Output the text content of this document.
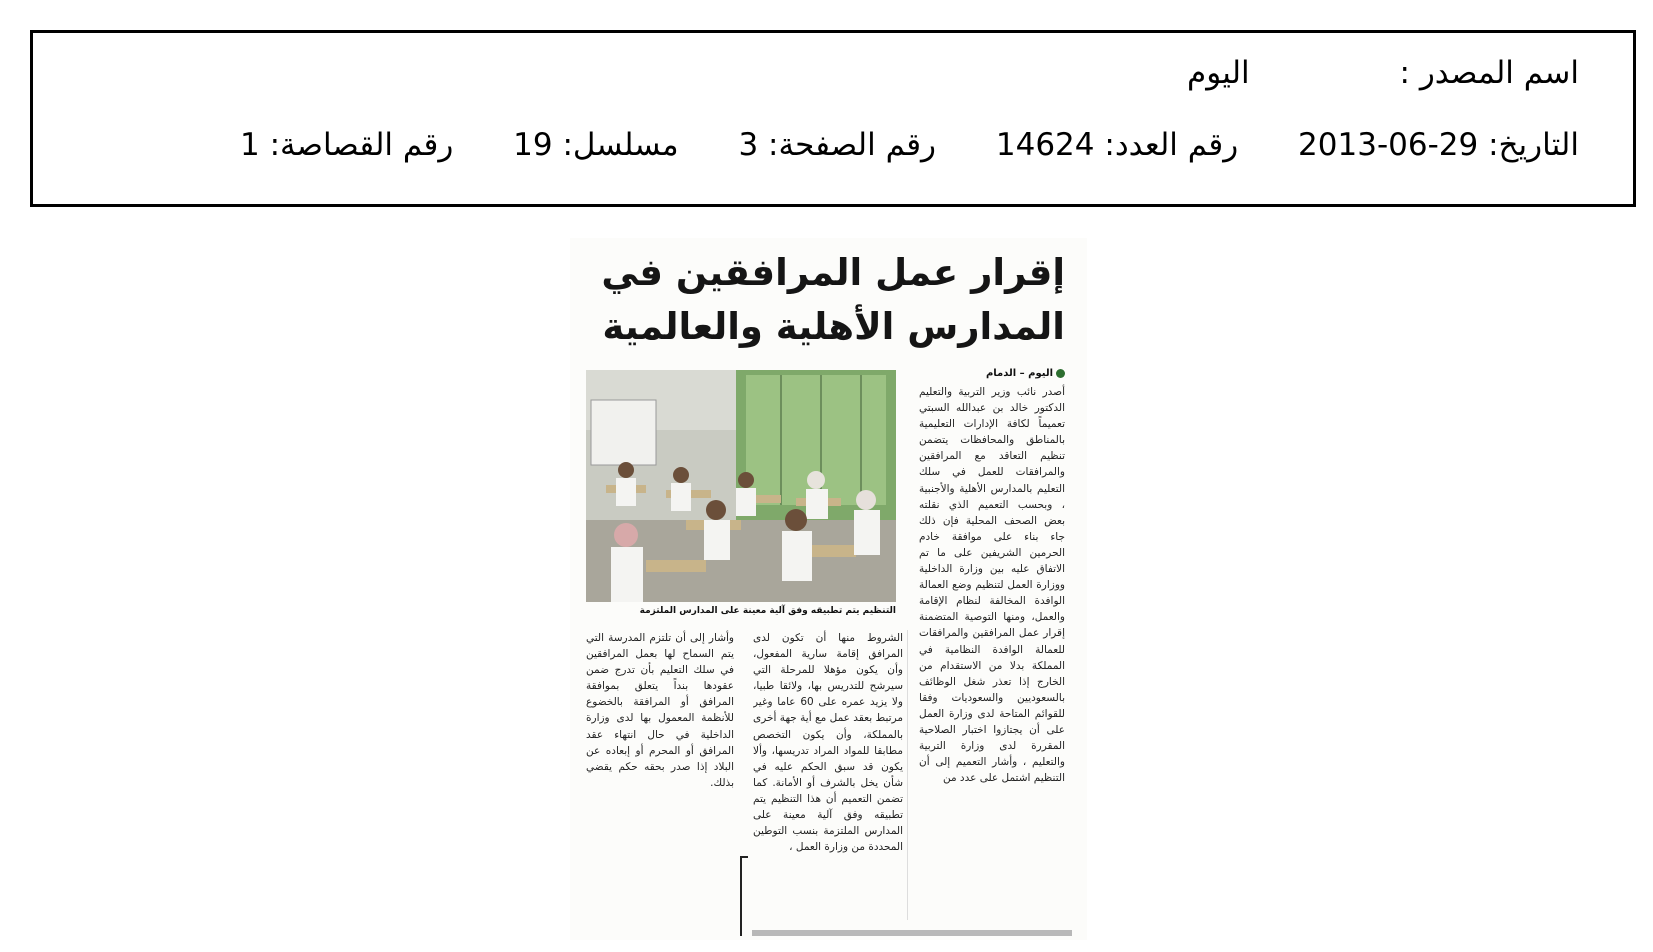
اسم المصدر : اليوم
التاريخ: 2013-06-29 رقم العدد: 14624 رقم الصفحة: 3 مسلسل: 19 رقم القصاصة: 1
إقرار عمل المرافقين في
المدارس الأهلية والعالمية
التنظيم يتم تطبيقه وفق آلية معينة على المدارس الملتزمة
اليوم – الدمام

أصدر نائب وزير التربية والتعليم الدكتور خالد بن عبدالله السبتي تعميماً لكافة الإدارات التعليمية بالمناطق والمحافظات يتضمن تنظيم التعاقد مع المرافقين والمرافقات للعمل في سلك التعليم بالمدارس الأهلية والأجنبية ، وبحسب التعميم الذي نقلته بعض الصحف المحلية فإن ذلك جاء بناء على موافقة خادم الحرمين الشريفين على ما تم الاتفاق عليه بين وزارة الداخلية ووزارة العمل لتنظيم وضع العمالة الوافدة المخالفة لنظام الإقامة والعمل، ومنها التوصية المتضمنة إقرار عمل المرافقين والمرافقات للعمالة الوافدة النظامية في المملكة بدلا من الاستقدام من الخارج إذا تعذر شغل الوظائف بالسعوديين والسعوديات وفقا للقوائم المتاحة لدى وزارة العمل على أن يجتازوا اختبار الصلاحية المقررة لدى وزارة التربية والتعليم ، وأشار التعميم إلى أن التنظيم اشتمل على عدد من

الشروط منها أن تكون لدى المرافق إقامة سارية المفعول، وأن يكون مؤهلا للمرحلة التي سيرشح للتدريس بها، ولائقا طبيا، ولا يزيد عمره على 60 عاما وغير مرتبط بعقد عمل مع أية جهة أخرى بالمملكة، وأن يكون التخصص مطابقا للمواد المراد تدريسها، وألا يكون قد سبق الحكم عليه في شأن يخل بالشرف أو الأمانة. كما تضمن التعميم أن هذا التنظيم يتم تطبيقه وفق آلية معينة على المدارس الملتزمة بنسب التوطين المحددة من وزارة العمل ،

وأشار إلى أن تلتزم المدرسة التي يتم السماح لها بعمل المرافقين في سلك التعليم بأن تدرج ضمن عقودها بنداً يتعلق بموافقة المرافق أو المرافقة بالخضوع للأنظمة المعمول بها لدى وزارة الداخلية في حال انتهاء عقد المرافق أو المحرم أو إبعاده عن البلاد إذا صدر بحقه حكم يقضي بذلك.
